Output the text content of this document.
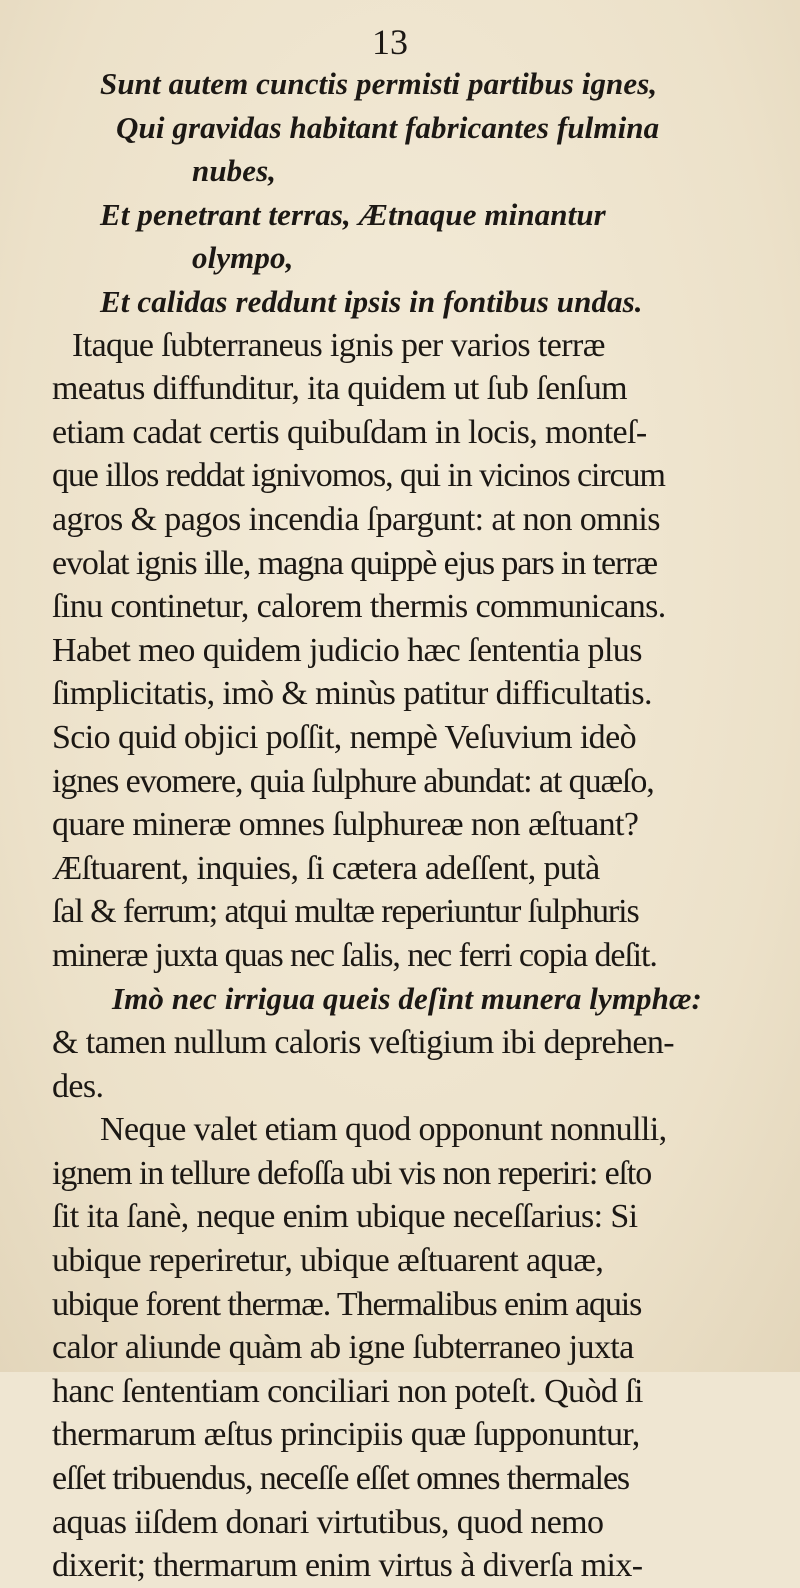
13
Sunt autem cunctis permisti partibus ignes,
Qui gravidas habitant fabricantes fulmina
nubes,
Et penetrant terras, Ætnaque minantur
olympo,
Et calidas reddunt ipsis in fontibus undas.
Itaque ſubterraneus ignis per varios terræ
meatus diffunditur, ita quidem ut ſub ſenſum
etiam cadat certis quibuſdam in locis, monteſ-
que illos reddat ignivomos, qui in vicinos circum
agros & pagos incendia ſpargunt: at non omnis
evolat ignis ille, magna quippè ejus pars in terræ
ſinu continetur, calorem thermis communicans.
Habet meo quidem judicio hæc ſententia plus
ſimplicitatis, imò & minùs patitur difficultatis.
Scio quid objici poſſit, nempè Veſuvium ideò
ignes evomere, quia ſulphure abundat: at quæſo,
quare mineræ omnes ſulphureæ non æſtuant?
Æſtuarent, inquies, ſi cætera adeſſent, putà
ſal & ferrum; atqui multæ reperiuntur ſulphuris
mineræ juxta quas nec ſalis, nec ferri copia deſit.
Imò nec irrigua queis deſint munera lymphæ:
& tamen nullum caloris veſtigium ibi deprehen-
des.
Neque valet etiam quod opponunt nonnulli,
ignem in tellure defoſſa ubi vis non reperiri: eſto
ſit ita ſanè, neque enim ubique neceſſarius: Si
ubique reperiretur, ubique æſtuarent aquæ,
ubique forent thermæ. Thermalibus enim aquis
calor aliunde quàm ab igne ſubterraneo juxta
hanc ſententiam conciliari non poteſt. Quòd ſi
thermarum æſtus principiis quæ ſupponuntur,
eſſet tribuendus, neceſſe eſſet omnes thermales
aquas iiſdem donari virtutibus, quod nemo
dixerit; thermarum enim virtus à diverſa mix-
